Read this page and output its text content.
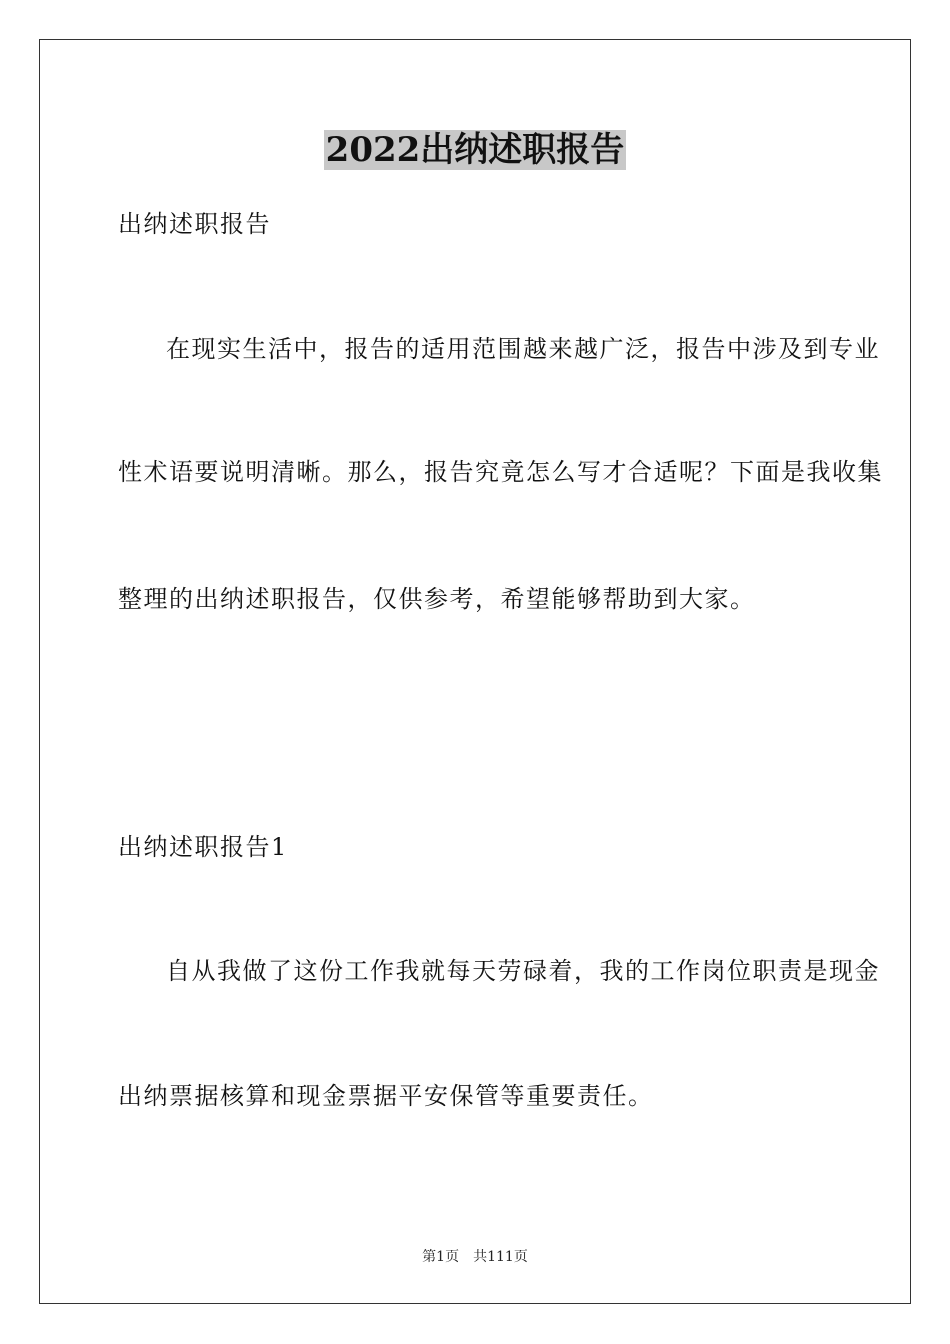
2022出纳述职报告
出纳述职报告
在现实生活中，报告的适用范围越来越广泛，报告中涉及到专业
性术语要说明清晰。那么，报告究竟怎么写才合适呢？下面是我收集
整理的出纳述职报告，仅供参考，希望能够帮助到大家。
出纳述职报告1
自从我做了这份工作我就每天劳碌着，我的工作岗位职责是现金
出纳票据核算和现金票据平安保管等重要责任。
第1页 共111页
